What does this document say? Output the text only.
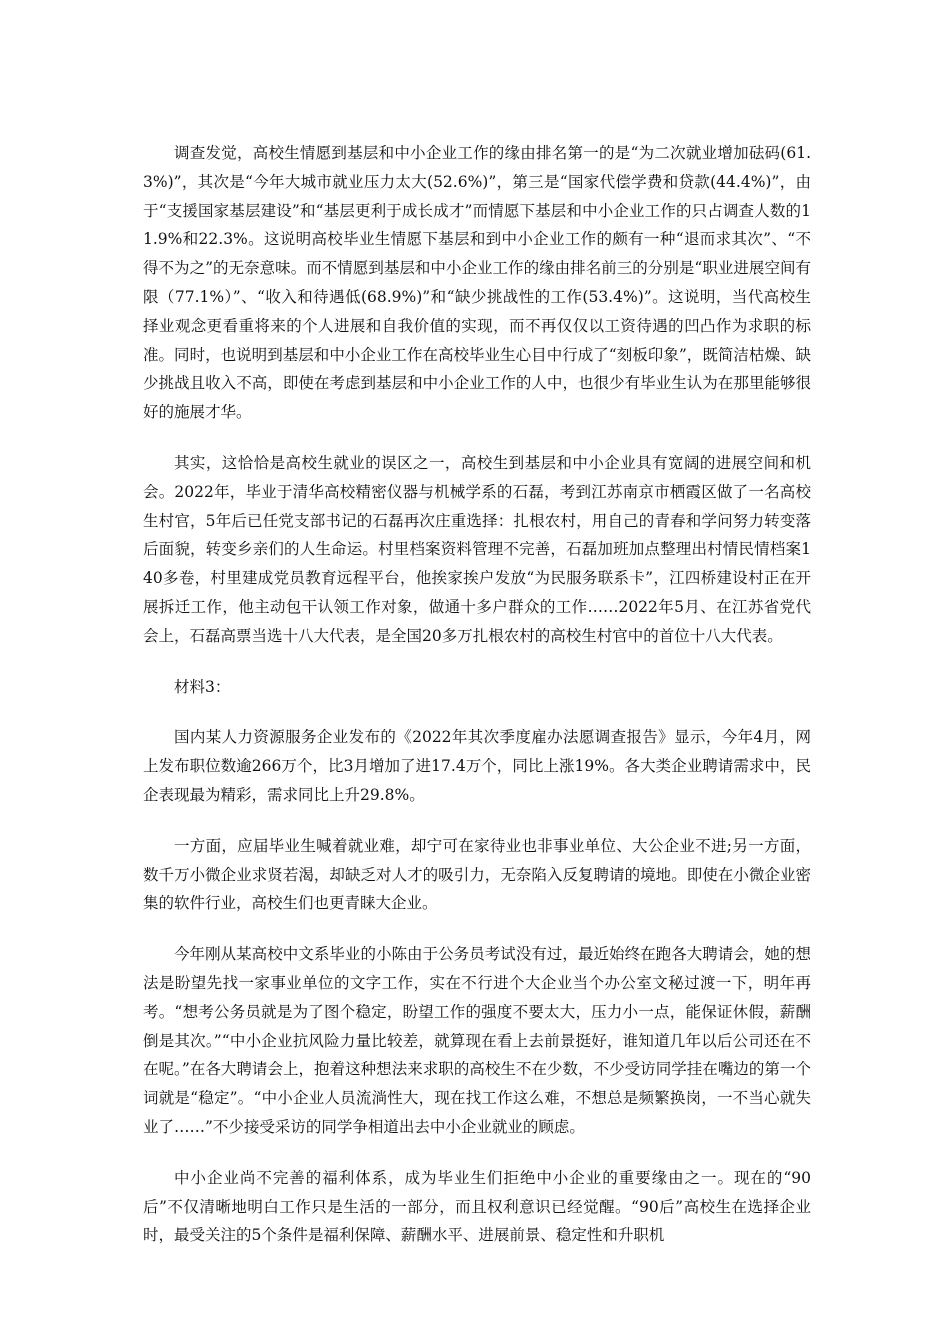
调查发觉，高校生情愿到基层和中小企业工作的缘由排名第一的是“为二次就业增加砝码(61.3%)”，其次是“今年大城市就业压力太大(52.6%)”，第三是“国家代偿学费和贷款(44.4%)”，由于“支援国家基层建设”和“基层更利于成长成才”而情愿下基层和中小企业工作的只占调查人数的11.9%和22.3%。这说明高校毕业生情愿下基层和到中小企业工作的颇有一种“退而求其次”、“不得不为之”的无奈意味。而不情愿到基层和中小企业工作的缘由排名前三的分别是“职业进展空间有限（77.1%）”、“收入和待遇低(68.9%)”和“缺少挑战性的工作(53.4%)”。这说明，当代高校生择业观念更看重将来的个人进展和自我价值的实现，而不再仅仅以工资待遇的凹凸作为求职的标准。同时，也说明到基层和中小企业工作在高校毕业生心目中行成了“刻板印象”，既简洁枯燥、缺少挑战且收入不高，即使在考虑到基层和中小企业工作的人中，也很少有毕业生认为在那里能够很好的施展才华。

其实，这恰恰是高校生就业的误区之一，高校生到基层和中小企业具有宽阔的进展空间和机会。2022年，毕业于清华高校精密仪器与机械学系的石磊，考到江苏南京市栖霞区做了一名高校生村官，5年后已任党支部书记的石磊再次庄重选择：扎根农村，用自己的青春和学问努力转变落后面貌，转变乡亲们的人生命运。村里档案资料管理不完善，石磊加班加点整理出村情民情档案140多卷，村里建成党员教育远程平台，他挨家挨户发放“为民服务联系卡”，江四桥建设村正在开展拆迁工作，他主动包干认领工作对象，做通十多户群众的工作……2022年5月、在江苏省党代会上，石磊高票当选十八大代表，是全国20多万扎根农村的高校生村官中的首位十八大代表。

材料3：

国内某人力资源服务企业发布的《2022年其次季度雇办法愿调查报告》显示，今年4月，网上发布职位数逾266万个，比3月增加了进17.4万个，同比上涨19%。各大类企业聘请需求中，民企表现最为精彩，需求同比上升29.8%。

一方面，应届毕业生喊着就业难，却宁可在家待业也非事业单位、大公企业不进;另一方面，数千万小微企业求贤若渴，却缺乏对人才的吸引力，无奈陷入反复聘请的境地。即使在小微企业密集的软件行业，高校生们也更青睐大企业。

今年刚从某高校中文系毕业的小陈由于公务员考试没有过，最近始终在跑各大聘请会，她的想法是盼望先找一家事业单位的文字工作，实在不行进个大企业当个办公室文秘过渡一下，明年再考。“想考公务员就是为了图个稳定，盼望工作的强度不要太大，压力小一点，能保证休假，薪酬倒是其次。”“中小企业抗风险力量比较差，就算现在看上去前景挺好，谁知道几年以后公司还在不在呢。”在各大聘请会上，抱着这种想法来求职的高校生不在少数，不少受访同学挂在嘴边的第一个词就是“稳定”。“中小企业人员流淌性大，现在找工作这么难，不想总是频繁换岗，一不当心就失业了……”不少接受采访的同学争相道出去中小企业就业的顾虑。

中小企业尚不完善的福利体系，成为毕业生们拒绝中小企业的重要缘由之一。现在的“90后”不仅清晰地明白工作只是生活的一部分，而且权利意识已经觉醒。“90后”高校生在选择企业时，最受关注的5个条件是福利保障、薪酬水平、进展前景、稳定性和升职机
